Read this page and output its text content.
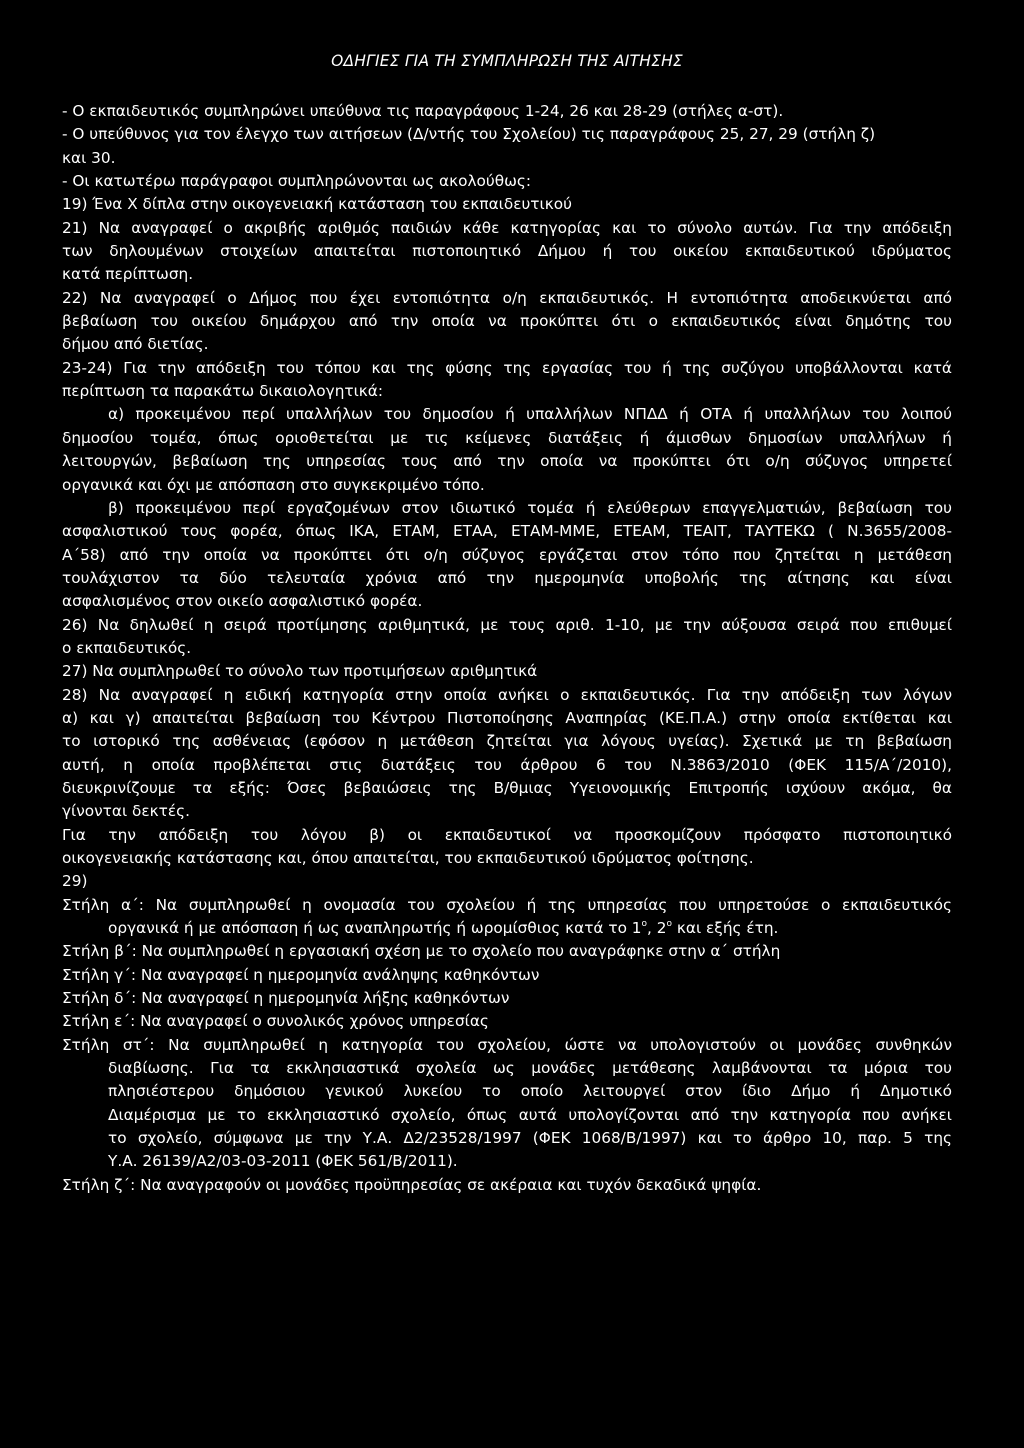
ΟΔΗΓΙΕΣ ΓΙΑ ΤΗ ΣΥΜΠΛΗΡΩΣΗ ΤΗΣ ΑΙΤΗΣΗΣ
- Ο εκπαιδευτικός συμπληρώνει υπεύθυνα τις παραγράφους 1-24, 26 και 28-29 (στήλες α-στ).
- Ο υπεύθυνος για τον έλεγχο των αιτήσεων (Δ/ντής του Σχολείου) τις παραγράφους 25, 27, 29 (στήλη ζ)
και 30.
- Οι κατωτέρω παράγραφοι συμπληρώνονται ως ακολούθως:
19) Ένα Χ δίπλα στην οικογενειακή κατάσταση του εκπαιδευτικού
21) Να αναγραφεί ο ακριβής αριθμός παιδιών κάθε κατηγορίας και το σύνολο αυτών. Για την απόδειξη
των δηλουμένων στοιχείων απαιτείται πιστοποιητικό Δήμου ή του οικείου εκπαιδευτικού ιδρύματος
κατά περίπτωση.
22) Να αναγραφεί ο Δήμος που έχει εντοπιότητα ο/η εκπαιδευτικός. Η εντοπιότητα αποδεικνύεται από
βεβαίωση του οικείου δημάρχου από την οποία να προκύπτει ότι ο εκπαιδευτικός είναι δημότης του
δήμου από διετίας.
23-24) Για την απόδειξη του τόπου και της φύσης της εργασίας του ή της συζύγου υποβάλλονται κατά
περίπτωση τα παρακάτω δικαιολογητικά:
α) προκειμένου περί υπαλλήλων του δημοσίου ή υπαλλήλων ΝΠΔΔ ή ΟΤΑ ή υπαλλήλων του λοιπού
δημοσίου τομέα, όπως οριοθετείται με τις κείμενες διατάξεις ή άμισθων δημοσίων υπαλλήλων ή
λειτουργών, βεβαίωση της υπηρεσίας τους από την οποία να προκύπτει ότι ο/η σύζυγος υπηρετεί
οργανικά και όχι με απόσπαση στο συγκεκριμένο τόπο.
β) προκειμένου περί εργαζομένων στον ιδιωτικό τομέα ή ελεύθερων επαγγελματιών, βεβαίωση του
ασφαλιστικού τους φορέα, όπως ΙΚΑ, ΕΤΑΜ, ΕΤΑΑ, ΕΤΑΜ-ΜΜΕ, ΕΤΕΑΜ, ΤΕΑΙΤ, ΤΑΥΤΕΚΩ ( Ν.3655/2008-
Α΄58) από την οποία να προκύπτει ότι ο/η σύζυγος εργάζεται στον τόπο που ζητείται η μετάθεση
τουλάχιστον τα δύο τελευταία χρόνια από την ημερομηνία υποβολής της αίτησης και είναι
ασφαλισμένος στον οικείο ασφαλιστικό φορέα.
26) Να δηλωθεί η σειρά προτίμησης αριθμητικά, με τους αριθ. 1-10, με την αύξουσα σειρά που επιθυμεί
ο εκπαιδευτικός.
27) Να συμπληρωθεί το σύνολο των προτιμήσεων αριθμητικά
28) Να αναγραφεί η ειδική κατηγορία στην οποία ανήκει ο εκπαιδευτικός. Για την απόδειξη των λόγων
α) και γ) απαιτείται βεβαίωση του Κέντρου Πιστοποίησης Αναπηρίας (ΚΕ.Π.Α.) στην οποία εκτίθεται και
το ιστορικό της ασθένειας (εφόσον η μετάθεση ζητείται για λόγους υγείας). Σχετικά με τη βεβαίωση
αυτή, η οποία προβλέπεται στις διατάξεις του άρθρου 6 του Ν.3863/2010 (ΦΕΚ 115/Α΄/2010),
διευκρινίζουμε τα εξής: Όσες βεβαιώσεις της Β/θμιας Υγειονομικής Επιτροπής ισχύουν ακόμα, θα
γίνονται δεκτές.
Για την απόδειξη του λόγου β) οι εκπαιδευτικοί να προσκομίζουν πρόσφατο πιστοποιητικό
οικογενειακής κατάστασης και, όπου απαιτείται, του εκπαιδευτικού ιδρύματος φοίτησης.
29)
Στήλη α΄: Να συμπληρωθεί η ονομασία του σχολείου ή της υπηρεσίας που υπηρετούσε ο εκπαιδευτικός
οργανικά ή με απόσπαση ή ως αναπληρωτής ή ωρομίσθιος κατά το $1^o$, $2^o$ και εξής έτη.
Στήλη β΄: Να συμπληρωθεί η εργασιακή σχέση με το σχολείο που αναγράφηκε στην α΄ στήλη
Στήλη γ΄: Να αναγραφεί η ημερομηνία ανάληψης καθηκόντων
Στήλη δ΄: Να αναγραφεί η ημερομηνία λήξης καθηκόντων
Στήλη ε΄: Να αναγραφεί ο συνολικός χρόνος υπηρεσίας
Στήλη στ΄: Να συμπληρωθεί η κατηγορία του σχολείου, ώστε να υπολογιστούν οι μονάδες συνθηκών
διαβίωσης. Για τα εκκλησιαστικά σχολεία ως μονάδες μετάθεσης λαμβάνονται τα μόρια του
πλησιέστερου δημόσιου γενικού λυκείου το οποίο λειτουργεί στον ίδιο Δήμο ή Δημοτικό
Διαμέρισμα με το εκκλησιαστικό σχολείο, όπως αυτά υπολογίζονται από την κατηγορία που ανήκει
το σχολείο, σύμφωνα με την Υ.Α. Δ2/23528/1997 (ΦΕΚ 1068/Β/1997) και το άρθρο 10, παρ. 5 της
Υ.Α. 26139/Α2/03-03-2011 (ΦΕΚ 561/Β/2011).
Στήλη ζ΄: Να αναγραφούν οι μονάδες προϋπηρεσίας σε ακέραια και τυχόν δεκαδικά ψηφία.
